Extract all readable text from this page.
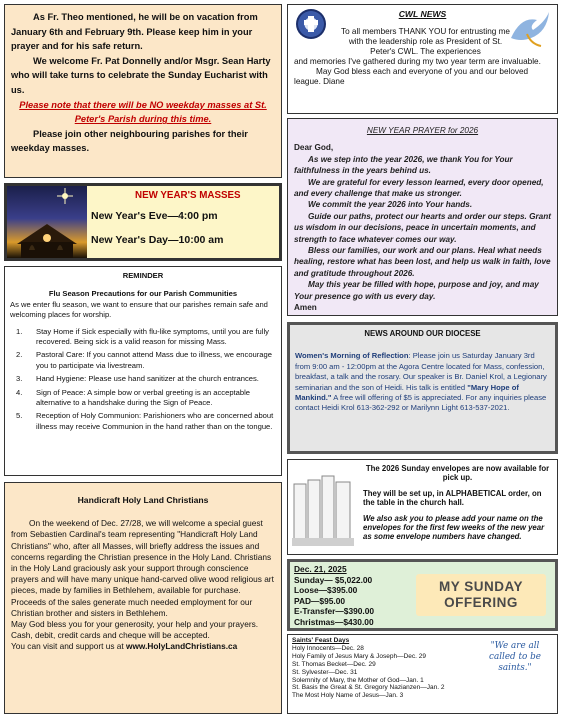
As Fr. Theo mentioned, he will be on vacation from January 6th and February 9th. Please keep him in your prayer and for his safe return.

We welcome Fr. Pat Donnelly and/or Msgr. Sean Harty who will take turns to celebrate the Sunday Eucharist with us.

Please note that there will be NO weekday masses at St. Peter's Parish during this time.

Please join other neighbouring parishes for their weekday masses.

NEW YEAR'S MASSES
New Year's Eve—4:00 pm
New Year's Day—10:00 am
REMINDER
Flu Season Precautions for our Parish Communities

As we enter flu season, we want to ensure that our parishes remain safe and welcoming places for worship.

1.	Stay Home if Sick especially with flu-like symptoms, until you are fully recovered. Being sick is a valid reason for missing Mass.
2.	Pastoral Care: If you cannot attend Mass due to illness, we encourage you to participate via livestream.
3.	Hand Hygiene: Please use hand sanitizer at the church entrances.
4.	Sign of Peace: A simple bow or verbal greeting is an acceptable alternative to a handshake during the Sign of Peace.
5.	Reception of Holy Communion: Parishioners who are concerned about illness may receive Communion in the hand rather than on the tongue.
Handicraft Holy Land Christians

On the weekend of Dec. 27/28, we will welcome a special guest from Sebastien Cardinal's team representing "Handicraft Holy Land Christians" who, after all Masses, will briefly address the issues and concerns regarding the Christian presence in the Holy Land. Christians in the Holy Land graciously ask your support through conscience prayers and will have many unique hand-carved olive wood religious art pieces, made by families in Bethlehem, available for purchase. Proceeds of the sales generate much needed employment for our Christian brother and sisters in Bethlehem.

May God bless you for your generosity, your help and your prayers.

Cash, debit, credit cards and cheque will be accepted.

You can visit and support us at www.HolyLandChristians.ca

CWL NEWS
To all members THANK YOU for entrusting me with the leadership role as President of St. Peter's CWL. The experiences

and memories I've gathered during my two year term are invaluable.

May God bless each and everyone of you and our beloved league. Diane

NEW YEAR PRAYER for 2026

Dear God,

As we step into the year 2026, we thank You for Your faithfulness in the years behind us.

We are grateful for every lesson learned, every door opened, and every challenge that make us stronger.

We commit the year 2026 into Your hands.

Guide our paths, protect our hearts and order our steps. Grant us wisdom in our decisions, peace in uncertain moments, and strength to face whatever comes our way.

Bless our families, our work and our plans. Heal what needs healing, restore what has been lost, and help us walk in faith, love and gratitude throughout 2026.

May this year be filled with hope, purpose and joy, and may Your presence go with us every day.

Amen

NEWS AROUND OUR DIOCESE

Women's Morning of Reflection: Please join us Saturday January 3rd from 9:00 am - 12:00pm at the Agora Centre located for Mass, confession, breakfast, a talk and the rosary. Our speaker is Br. Daniel Krol, a Legionary seminarian and the son of Heidi. His talk is entitled "Mary Hope of Mankind." A free will offering of $5 is appreciated. For any inquiries please contact Heidi Krol 613-362-292 or Marilynn Light 613-537-2021.

The 2026 Sunday envelopes are now available for pick up.

They will be set up, in ALPHABETICAL order, on the table in the church hall.

We also ask you to please add your name on the envelopes for the first few weeks of the new year as some envelope numbers have changed.

Dec. 21, 2025
Sunday— $5,022.00
Loose—$395.00
PAD—$95.00
E-Transfer—$390.00
Christmas—$430.00
MY SUNDAY
OFFERING
Saints' Feast Days
Holy Innocents—Dec. 28
Holy Family of Jesus Mary & Joseph—Dec. 29
St. Thomas Becket—Dec. 29
St. Sylvester—Dec. 31
Solemnity of Mary, the Mother of God—Jan. 1
St. Basis the Great & St. Gregory Nazianzen—Jan. 2
The Most Holy Name of Jesus—Jan. 3
"We are all called to be saints."
